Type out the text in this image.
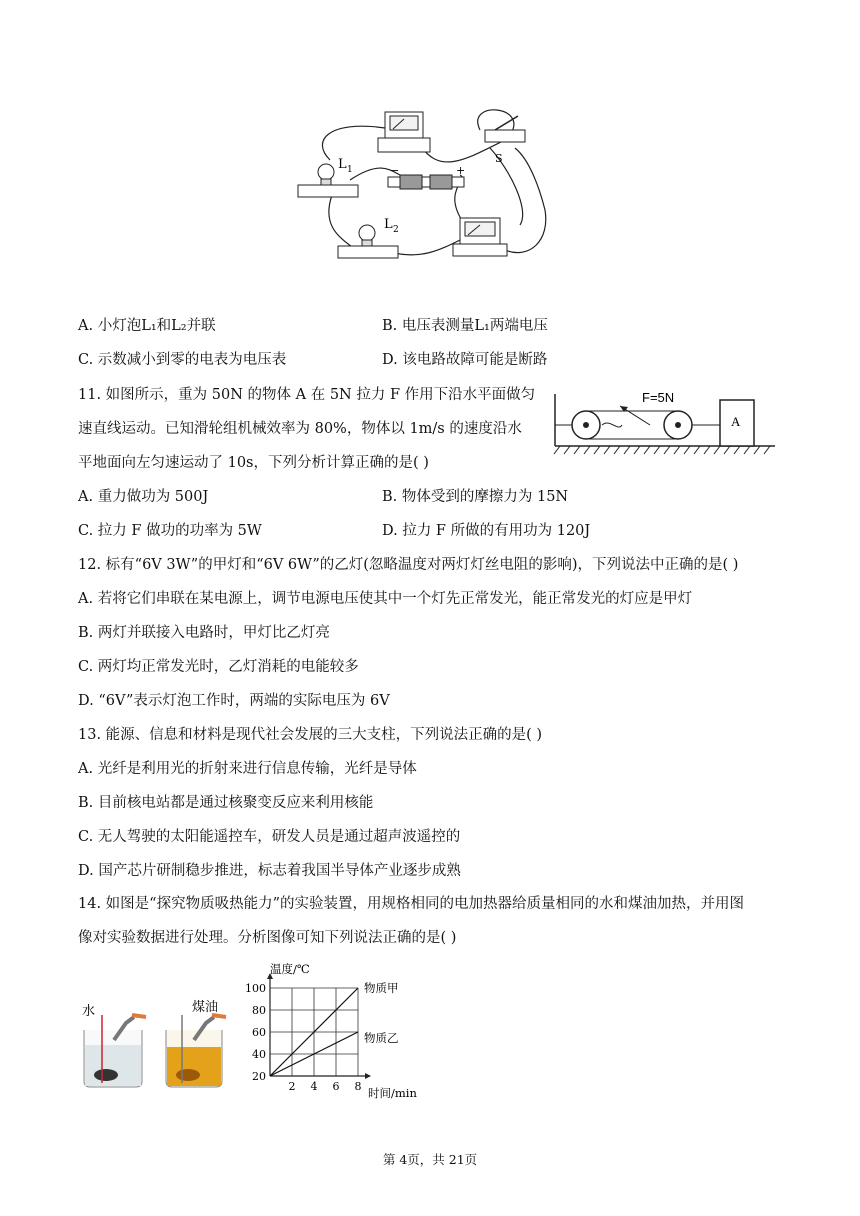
S
L 1	−	+
L 2
A. 小灯泡L₁和L₂并联	B. 电压表测量L₁两端电压
C. 示数减小到零的电表为电压表	D. 该电路故障可能是断路
11. 如图所示，重为 50N 的物体 A 在 5N 拉力 F 作用下沿水平面做匀
速直线运动。已知滑轮组机械效率为 80%，物体以 1m/s 的速度沿水
平地面向左匀速运动了 10s，下列分析计算正确的是( )
F=5N
A
A. 重力做功为 500J	B. 物体受到的摩擦力为 15N
C. 拉力 F 做功的功率为 5W	D. 拉力 F 所做的有用功为 120J
12. 标有“6V 3W”的甲灯和“6V 6W”的乙灯(忽略温度对两灯灯丝电阻的影响)，下列说法中正确的是( )
A. 若将它们串联在某电源上，调节电源电压使其中一个灯先正常发光，能正常发光的灯应是甲灯
B. 两灯并联接入电路时，甲灯比乙灯亮
C. 两灯均正常发光时，乙灯消耗的电能较多
D. “6V”表示灯泡工作时，两端的实际电压为 6V
13. 能源、信息和材料是现代社会发展的三大支柱，下列说法正确的是( )
A. 光纤是利用光的折射来进行信息传输，光纤是导体
B. 目前核电站都是通过核聚变反应来利用核能
C. 无人驾驶的太阳能遥控车，研发人员是通过超声波遥控的
D. 国产芯片研制稳步推进，标志着我国半导体产业逐步成熟
14. 如图是“探究物质吸热能力”的实验装置，用规格相同的电加热器给质量相同的水和煤油加热，并用图
像对实验数据进行处理。分析图像可知下列说法正确的是( )
水	煤油
温度/℃
时间/min
物质甲
物质乙
20
40
60
80
100
2 4 6 8
第 4页，共 21页
